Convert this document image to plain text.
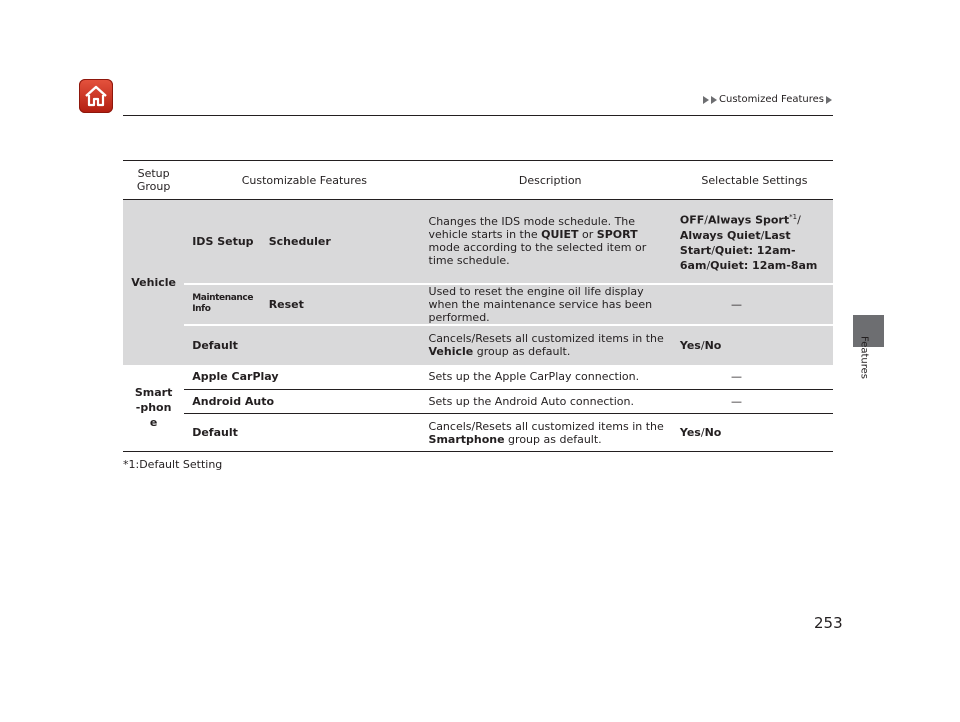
Customized Features
Features
Setup Group	Customizable Features		Description	Selectable Settings
Vehicle	IDS Setup	Scheduler	Changes the IDS mode schedule. The vehicle starts in the QUIET or SPORT mode according to the selected item or time schedule.	OFF/Always Sport$^{*1}$/
Always Quiet/Last Start/Quiet: 12am-6am/Quiet: 12am-8am

	Maintenance Info	Reset	Used to reset the engine oil life display when the maintenance service has been performed.	—
	Default		Cancels/Resets all customized items in the Vehicle group as default.	Yes/No

Smart-phone	Apple CarPlay		Sets up the Apple CarPlay connection.	—
	Android Auto		Sets up the Android Auto connection.	—
	Default		Cancels/Resets all customized items in the Smartphone group as default.	Yes/No
*1:Default Setting
253
